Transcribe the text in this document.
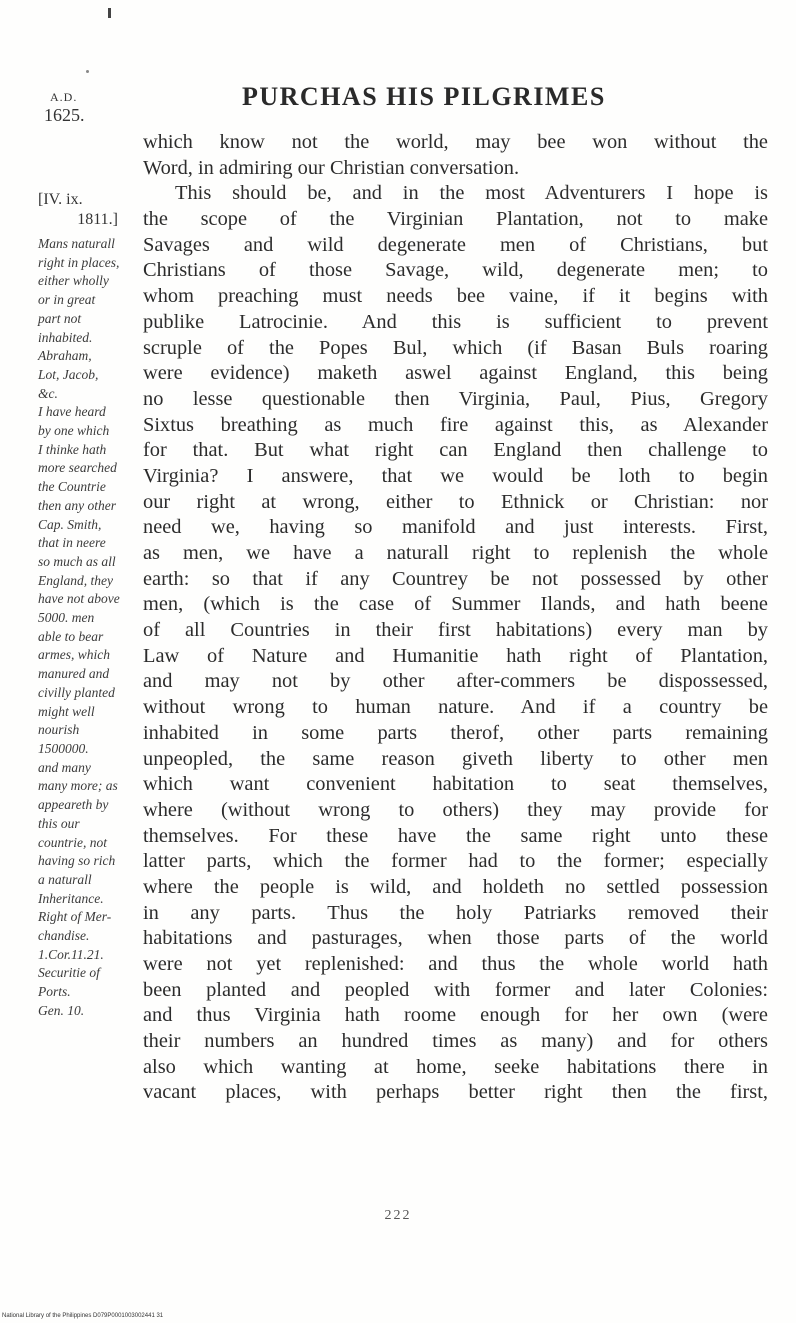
PURCHAS HIS PILGRIMES
A.D.
1625.
[IV. ix.
1811.]
Mans naturall
right in places,
either wholly
or in great
part not
inhabited.
Abraham,
Lot, Jacob,
&c.
I have heard
by one which
I thinke hath
more searched
the Countrie
then any other
Cap. Smith,
that in neere
so much as all
England, they
have not above
5000. men
able to bear
armes, which
manured and
civilly planted
might well
nourish
1500000.
and many
many more; as
appeareth by
this our
countrie, not
having so rich
a naturall
Inheritance.
Right of Mer-
chandise.
1.Cor.11.21.
Securitie of
Ports.
Gen. 10.
which know not the world, may bee won without the
Word, in admiring our Christian conversation.
This should be, and in the most Adventurers I hope is
the scope of the Virginian Plantation, not to make
Savages and wild degenerate men of Christians, but
Christians of those Savage, wild, degenerate men; to
whom preaching must needs bee vaine, if it begins with
publike Latrocinie. And this is sufficient to prevent
scruple of the Popes Bul, which (if Basan Buls roaring
were evidence) maketh aswel against England, this being
no lesse questionable then Virginia, Paul, Pius, Gregory
Sixtus breathing as much fire against this, as Alexander
for that. But what right can England then challenge to
Virginia? I answere, that we would be loth to begin
our right at wrong, either to Ethnick or Christian: nor
need we, having so manifold and just interests. First,
as men, we have a naturall right to replenish the whole
earth: so that if any Countrey be not possessed by other
men, (which is the case of Summer Ilands, and hath beene
of all Countries in their first habitations) every man by
Law of Nature and Humanitie hath right of Plantation,
and may not by other after-commers be dispossessed,
without wrong to human nature. And if a country be
inhabited in some parts therof, other parts remaining
unpeopled, the same reason giveth liberty to other men
which want convenient habitation to seat themselves,
where (without wrong to others) they may provide for
themselves. For these have the same right unto these
latter parts, which the former had to the former; especially
where the people is wild, and holdeth no settled possession
in any parts. Thus the holy Patriarks removed their
habitations and pasturages, when those parts of the world
were not yet replenished: and thus the whole world hath
been planted and peopled with former and later Colonies:
and thus Virginia hath roome enough for her own (were
their numbers an hundred times as many) and for others
also which wanting at home, seeke habitations there in
vacant places, with perhaps better right then the first,
222
National Library of the Philippines D079P0001003002441 31
